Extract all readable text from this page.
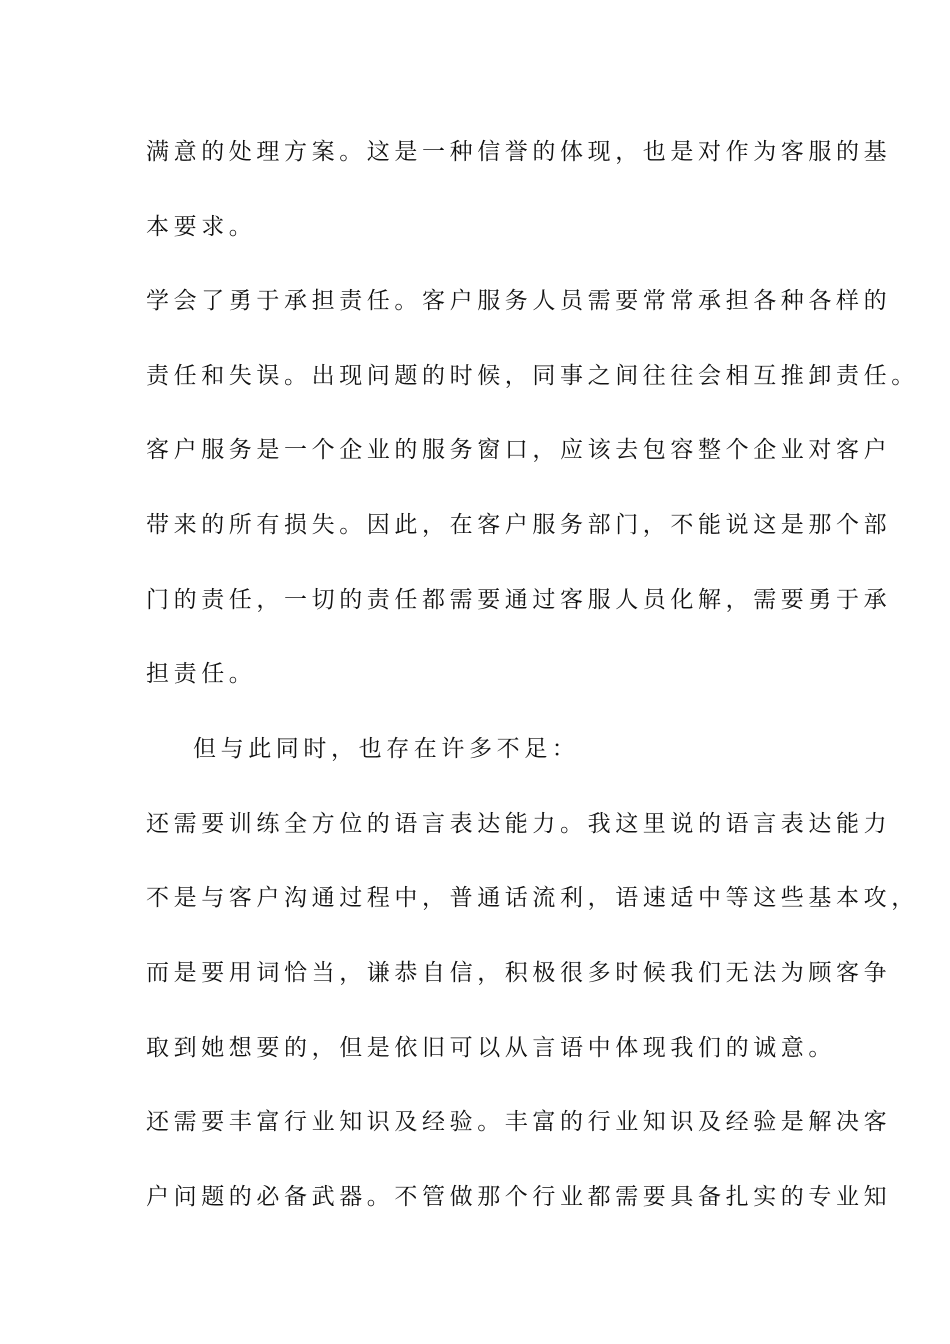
满意的处理方案。这是一种信誉的体现，也是对作为客服的基
本要求。
学会了勇于承担责任。客户服务人员需要常常承担各种各样的
责任和失误。出现问题的时候，同事之间往往会相互推卸责任。
客户服务是一个企业的服务窗口，应该去包容整个企业对客户
带来的所有损失。因此，在客户服务部门，不能说这是那个部
门的责任，一切的责任都需要通过客服人员化解，需要勇于承
担责任。
但与此同时，也存在许多不足：
还需要训练全方位的语言表达能力。我这里说的语言表达能力
不是与客户沟通过程中，普通话流利，语速适中等这些基本攻，
而是要用词恰当，谦恭自信，积极很多时候我们无法为顾客争
取到她想要的，但是依旧可以从言语中体现我们的诚意。
还需要丰富行业知识及经验。丰富的行业知识及经验是解决客
户问题的必备武器。不管做那个行业都需要具备扎实的专业知
